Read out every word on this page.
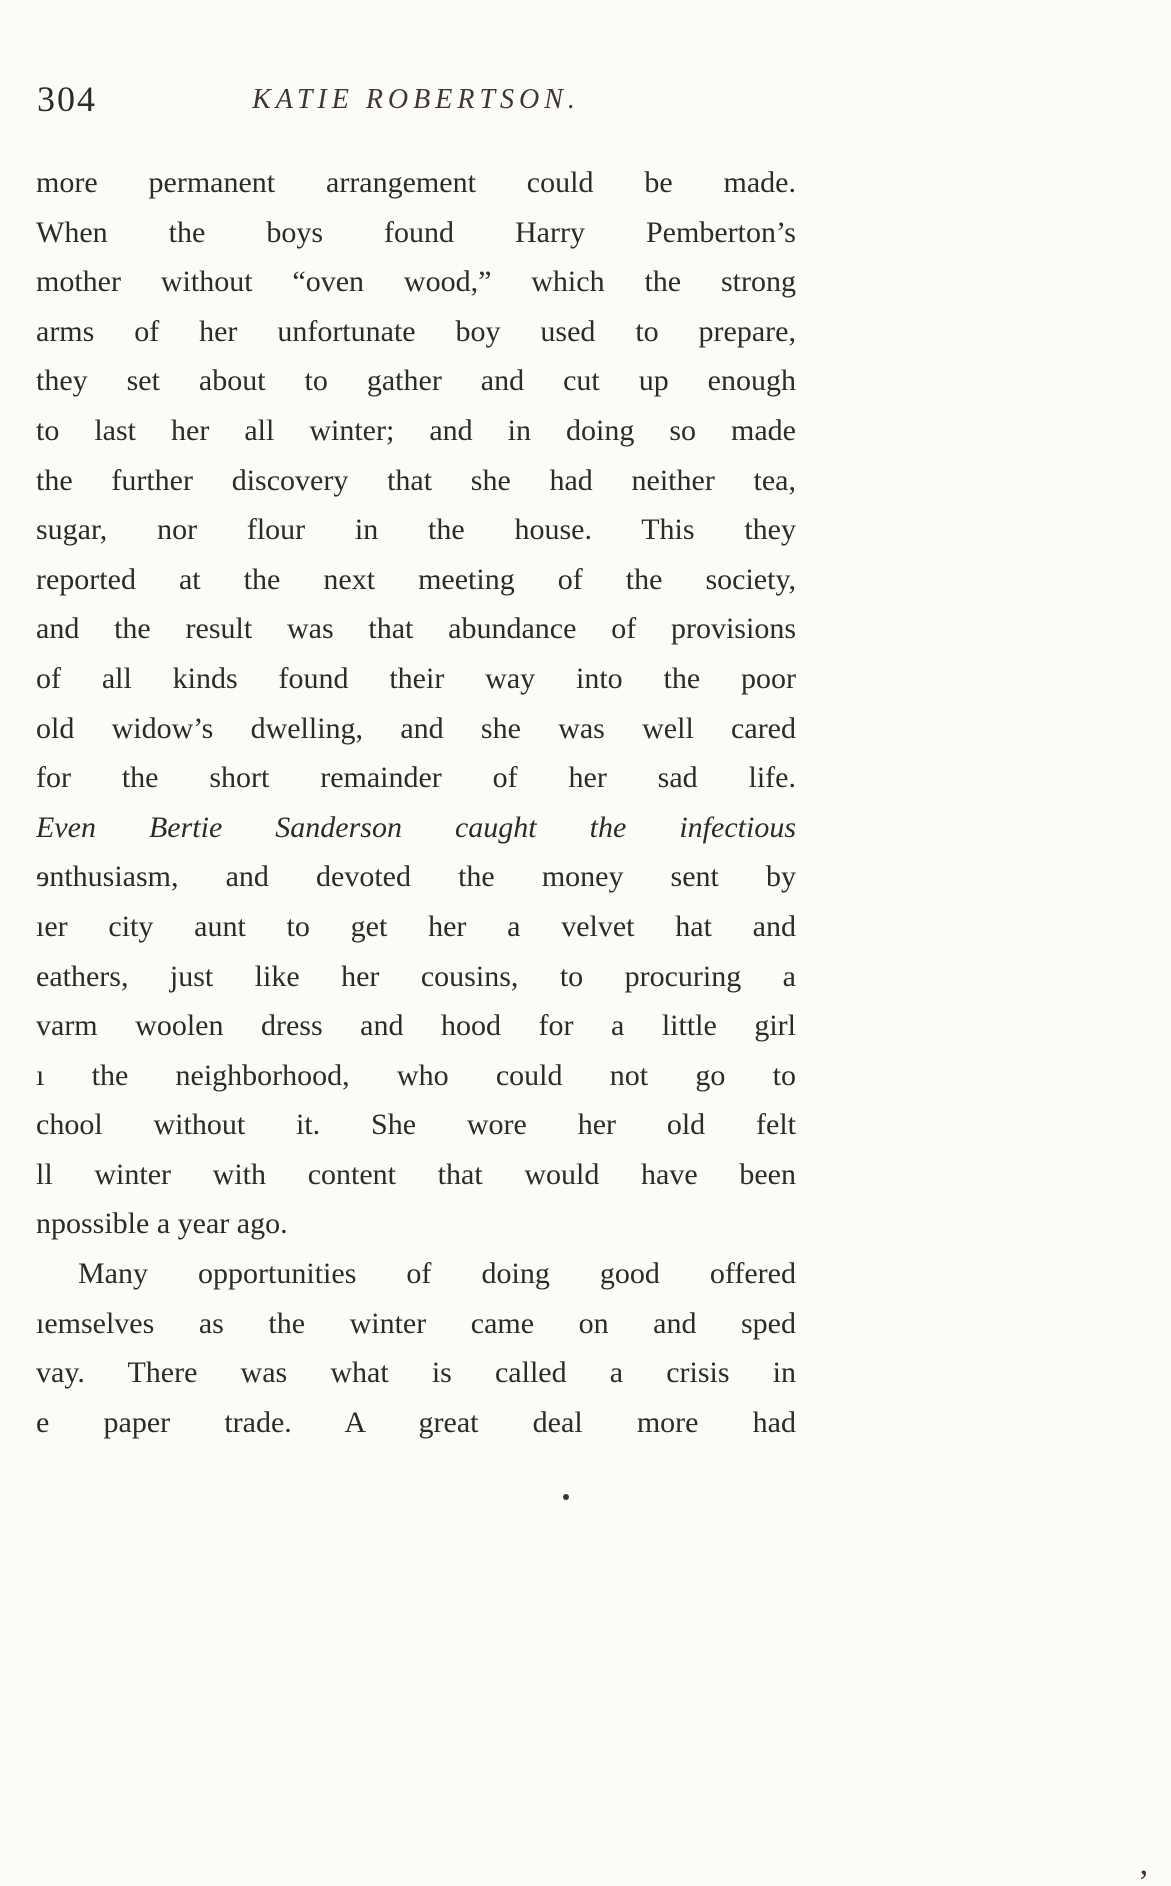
304	KATIE ROBERTSON.
more permanent arrangement could be made.
When the boys found Harry Pemberton’s
mother without “oven wood,” which the strong
arms of her unfortunate boy used to prepare,
they set about to gather and cut up enough
to last her all winter; and in doing so made
the further discovery that she had neither tea,
sugar, nor flour in the house. This they
reported at the next meeting of the society,
and the result was that abundance of provisions
of all kinds found their way into the poor
old widow’s dwelling, and she was well cared
for the short remainder of her sad life.
Even Bertie Sanderson caught the infectious
ɘnthusiasm, and devoted the money sent by
ıer city aunt to get her a velvet hat and
eathers, just like her cousins, to procuring a
varm woolen dress and hood for a little girl
ı the neighborhood, who could not go to
chool without it. She wore her old felt
ll winter with content that would have been
npossible a year ago.
Many opportunities of doing good offered
ıemselves as the winter came on and sped
vay. There was what is called a crisis in
e paper trade. A great deal more had
‚
